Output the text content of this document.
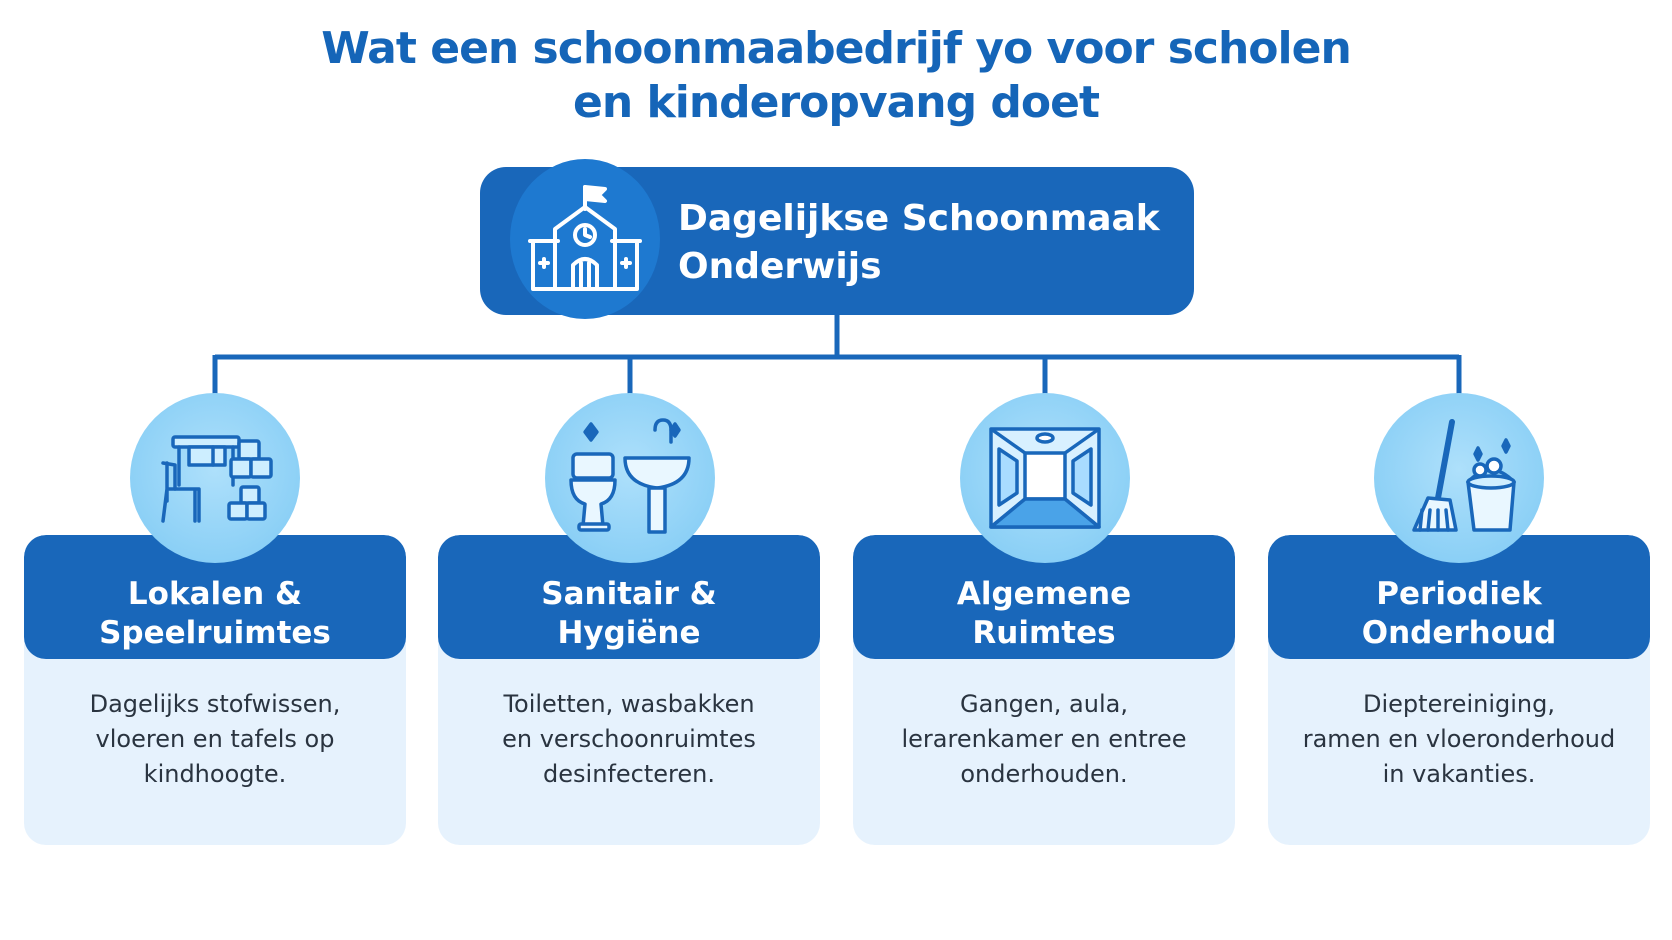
Wat een schoonmaabedrijf yo voor scholen
en kinderopvang doet
Dagelijkse Schoonmaak
Onderwijs
Lokalen &
Speelruimtes
Dagelijks stofwissen,
vloeren en tafels op
kindhoogte.
Sanitair &
Hygiëne
Toiletten, wasbakken
en verschoonruimtes
desinfecteren.
Algemene
Ruimtes
Gangen, aula,
lerarenkamer en entree
onderhouden.
Periodiek
Onderhoud
Dieptereiniging,
ramen en vloeronderhoud
in vakanties.
